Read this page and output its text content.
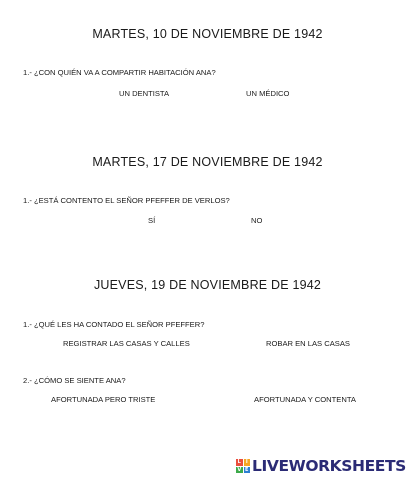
MARTES, 10 DE NOVIEMBRE DE 1942
1.- ¿CON QUIÉN VA A COMPARTIR HABITACIÓN ANA?
UN DENTISTA	UN MÉDICO
MARTES, 17 DE NOVIEMBRE DE 1942
1.- ¿ESTÁ CONTENTO EL SEÑOR PFEFFER DE VERLOS?
SÍ	NO
JUEVES, 19 DE NOVIEMBRE DE 1942
1.- ¿QUÉ LES HA CONTADO EL SEÑOR PFEFFER?
REGISTRAR LAS CASAS Y CALLES	ROBAR EN LAS CASAS
2.- ¿CÓMO SE SIENTE ANA?
AFORTUNADA PERO TRISTE	AFORTUNADA Y CONTENTA
L I
V E LIVEWORKSHEETS
